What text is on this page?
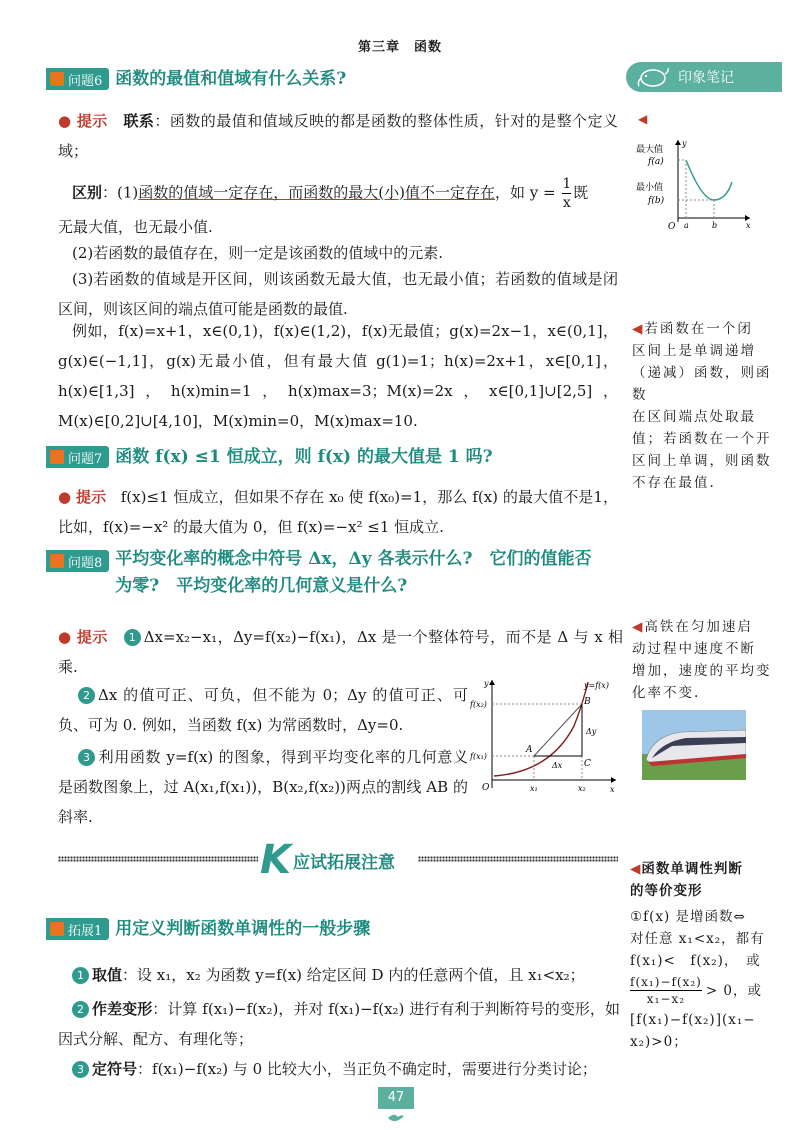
第三章　函数
印象笔记
问题6 函数的最值和值域有什么关系?
● 提示 联系：函数的最值和值域反映的都是函数的整体性质，针对的是整个定义域；
区别：(1)函数的值域一定存在，而函数的最大(小)值不一定存在，如 $y = \frac{1}{x}$ 既
无最大值，也无最小值.
(2)若函数的最值存在，则一定是该函数的值域中的元素.
(3)若函数的值域是开区间，则该函数无最大值，也无最小值；若函数的值域是闭区间，则该区间的端点值可能是函数的最值.
例如，f(x)=x+1，x∈(0,1)，f(x)∈(1,2)，f(x)无最值；g(x)=2x−1，x∈(0,1]，g(x)∈(−1,1]，g(x)无最小值，但有最大值 g(1)=1；h(x)=2x+1，x∈[0,1]，h(x)∈[1,3]，h(x)min=1，h(x)max=3；M(x)=2x，x∈[0,1]∪[2,5]，M(x)∈[0,2]∪[4,10]，M(x)min=0，M(x)max=10.
y
x
最大值
f(a)
最小值
f(b)
O a	b
◀
◀若函数在一个闭
区间上是单调递增
（递减）函数，则函数
在区间端点处取最
值；若函数在一个开
区间上单调，则函数
不存在最值.
问题7 函数 f(x) ≤1 恒成立，则 f(x) 的最大值是 1 吗?
● 提示 f(x)≤1 恒成立，但如果不存在 x₀ 使 f(x₀)=1，那么 f(x) 的最大值不是1，比如，f(x)=−x² 的最大值为 0，但 f(x)=−x² ≤1 恒成立.
问题8 平均变化率的概念中符号 Δx，Δy 各表示什么?　它们的值能否
为零?　平均变化率的几何意义是什么?
● 提示 1 Δx=x₂−x₁，Δy=f(x₂)−f(x₁)，Δx 是一个整体符号，而不是 Δ 与 x 相乘.
2 Δx 的值可正、可负，但不能为 0；Δy 的值可正、可负、可为 0. 例如，当函数 f(x) 为常函数时，Δy=0.
3 利用函数 y=f(x) 的图象，得到平均变化率的几何意义是函数图象上，过 A(x₁,f(x₁))，B(x₂,f(x₂))两点的割线 AB 的斜率.
y
x
y=f(x)
f(x₂)
f(x₁)
O	x₁	x₂
A
B
C
Δx
Δy
◀高铁在匀加速启
动过程中速度不断
增加，速度的平均变
化率不变.
K 应试拓展注意	◀函数单调性判断
的等价变形
①f(x) 是增函数⇔
对任意 x₁<x₂，都有
f(x₁)<　f(x₂)，　或
f(x₁)−f(x₂)
x₁−x₂
> 0，或
[f(x₁)−f(x₂)](x₁−
x₂)>0；
拓展1 用定义判断函数单调性的一般步骤
1 取值：设 x₁，x₂ 为函数 y=f(x) 给定区间 D 内的任意两个值，且 x₁<x₂；
2 作差变形：计算 f(x₁)−f(x₂)，并对 f(x₁)−f(x₂) 进行有利于判断符号的变形，如因式分解、配方、有理化等；
3 定符号：f(x₁)−f(x₂) 与 0 比较大小，当正负不确定时，需要进行分类讨论；
47
